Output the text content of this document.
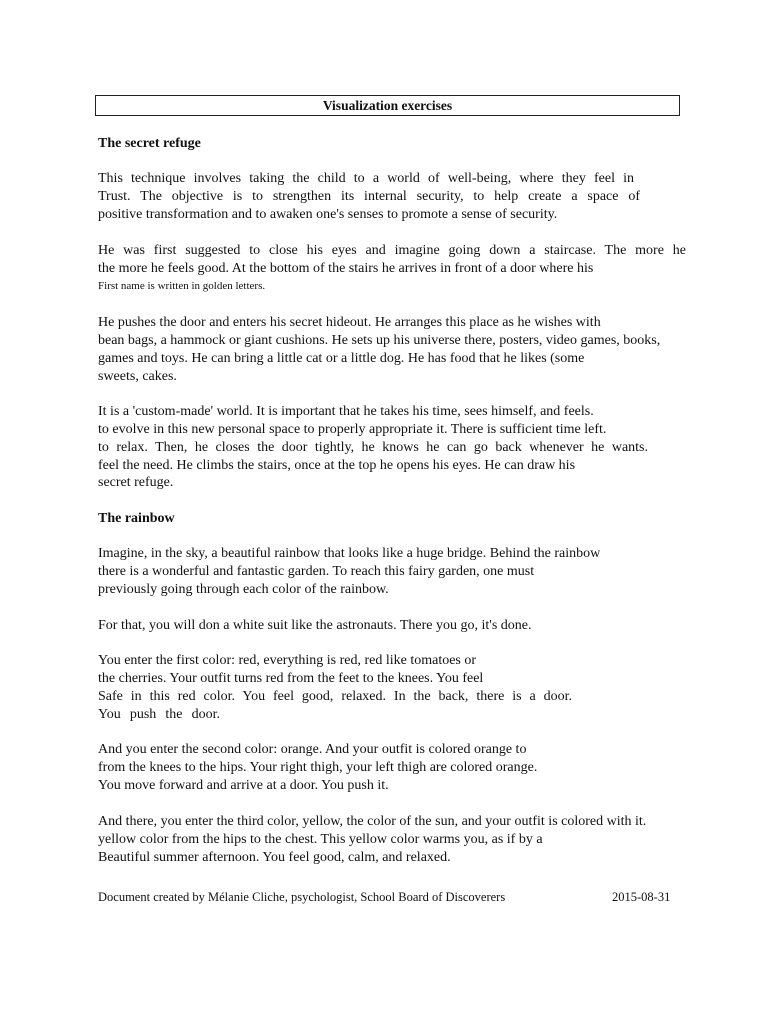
Visualization exercises
The secret refuge
This technique involves taking the child to a world of well-being, where they feel in
Trust. The objective is to strengthen its internal security, to help create a space of
positive transformation and to awaken one's senses to promote a sense of security.
He was first suggested to close his eyes and imagine going down a staircase. The more he
the more he feels good. At the bottom of the stairs he arrives in front of a door where his
First name is written in golden letters.
He pushes the door and enters his secret hideout. He arranges this place as he wishes with
bean bags, a hammock or giant cushions. He sets up his universe there, posters, video games, books,
games and toys. He can bring a little cat or a little dog. He has food that he likes (some
sweets, cakes.
It is a 'custom-made' world. It is important that he takes his time, sees himself, and feels.
to evolve in this new personal space to properly appropriate it. There is sufficient time left.
to relax. Then, he closes the door tightly, he knows he can go back whenever he wants.
feel the need. He climbs the stairs, once at the top he opens his eyes. He can draw his
secret refuge.
The rainbow
Imagine, in the sky, a beautiful rainbow that looks like a huge bridge. Behind the rainbow
there is a wonderful and fantastic garden. To reach this fairy garden, one must
previously going through each color of the rainbow.
For that, you will don a white suit like the astronauts. There you go, it's done.
You enter the first color: red, everything is red, red like tomatoes or
the cherries. Your outfit turns red from the feet to the knees. You feel
Safe in this red color. You feel good, relaxed. In the back, there is a door.
You push the door.
And you enter the second color: orange. And your outfit is colored orange to
from the knees to the hips. Your right thigh, your left thigh are colored orange.
You move forward and arrive at a door. You push it.
And there, you enter the third color, yellow, the color of the sun, and your outfit is colored with it.
yellow color from the hips to the chest. This yellow color warms you, as if by a
Beautiful summer afternoon. You feel good, calm, and relaxed.
Document created by Mélanie Cliche, psychologist, School Board of Discoverers	2015-08-31
